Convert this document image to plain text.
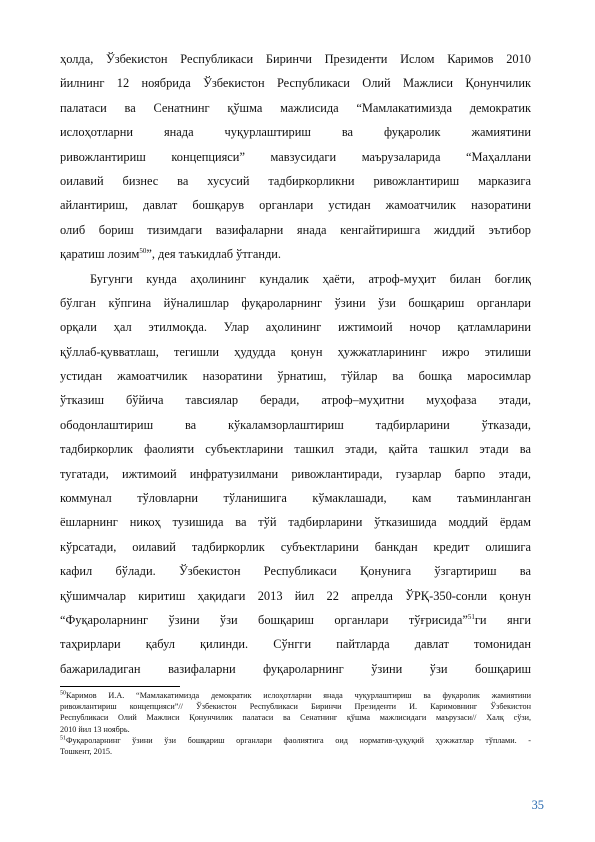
ҳолда, Ўзбекистон Республикаси Биринчи Президенти Ислом Каримов 2010
йилнинг 12 ноябрида Ўзбекистон Республикаси Олий Мажлиси Қонунчилик
палатаси ва Сенатнинг қўшма мажлисида “Мамлакатимизда демократик
ислоҳотларни янада чуқурлаштириш ва фуқаролик жамиятини
ривожлантириш концепцияси” мавзусидаги маърузаларида “Маҳаллани
оилавий бизнес ва хусусий тадбиркорликни ривожлантириш марказига
айлантириш, давлат бошқарув органлари устидан жамоатчилик назоратини
олиб бориш тизимдаги вазифаларни янада кенгайтиришга жиддий эътибор
қаратиш лозим$^{50}$”, дея таъкидлаб ўтганди.
Бугунги кунда аҳолининг кундалик ҳаёти, атроф-муҳит билан боғлиқ
бўлган кўпгина йўналишлар фуқароларнинг ўзини ўзи бошқариш органлари
орқали ҳал этилмоқда. Улар аҳолининг ижтимоий ночор қатламларини
қўллаб-қувватлаш, тегишли ҳудудда қонун ҳужжатларининг ижро этилиши
устидан жамоатчилик назоратини ўрнатиш, тўйлар ва бошқа маросимлар
ўтказиш бўйича тавсиялар беради, атроф–муҳитни муҳофаза этади,
ободонлаштириш ва кўкаламзорлаштириш тадбирларини ўтказади,
тадбиркорлик фаолияти субъектларини ташкил этади, қайта ташкил этади ва
тугатади, ижтимоий инфратузилмани ривожлантиради, гузарлар барпо этади,
коммунал тўловларни тўланишига кўмаклашади, кам таъминланган
ёшларнинг никоҳ тузишида ва тўй тадбирларини ўтказишида моддий ёрдам
кўрсатади, оилавий тадбиркорлик субъектларини банкдан кредит олишига
кафил бўлади. Ўзбекистон Республикаси Қонунига ўзгартириш ва
қўшимчалар киритиш ҳақидаги 2013 йил 22 апрелда ЎРҚ-350-сонли қонун
“Фуқароларнинг ўзини ўзи бошқариш органлари тўғрисида”$^{51}$ги янги
таҳрирлари қабул қилинди. Сўнгги пайтларда давлат томонидан
бажариладиган вазифаларни фуқароларнинг ўзини ўзи бошқариш
$^{50}$Каримов И.А. “Мамлакатимизда демократик ислоҳотларни янада чуқурлаштириш ва фуқаролик жамиятини
ривожлантириш концепцияси”// Ўзбекистон Республикаси Биринчи Президенти И. Каримовнинг Ўзбекистон
Республикаси Олий Мажлиси Қонунчилик палатаси ва Сенатнинг қўшма мажлисидаги маърузаси// Халқ сўзи,
2010 йил 13 ноябрь.
$^{51}$Фуқароларнинг ўзини ўзи бошқариш органлари фаолиятига оид норматив-ҳуқуқий ҳужжатлар тўплами. -
Тошкент, 2015.
35
